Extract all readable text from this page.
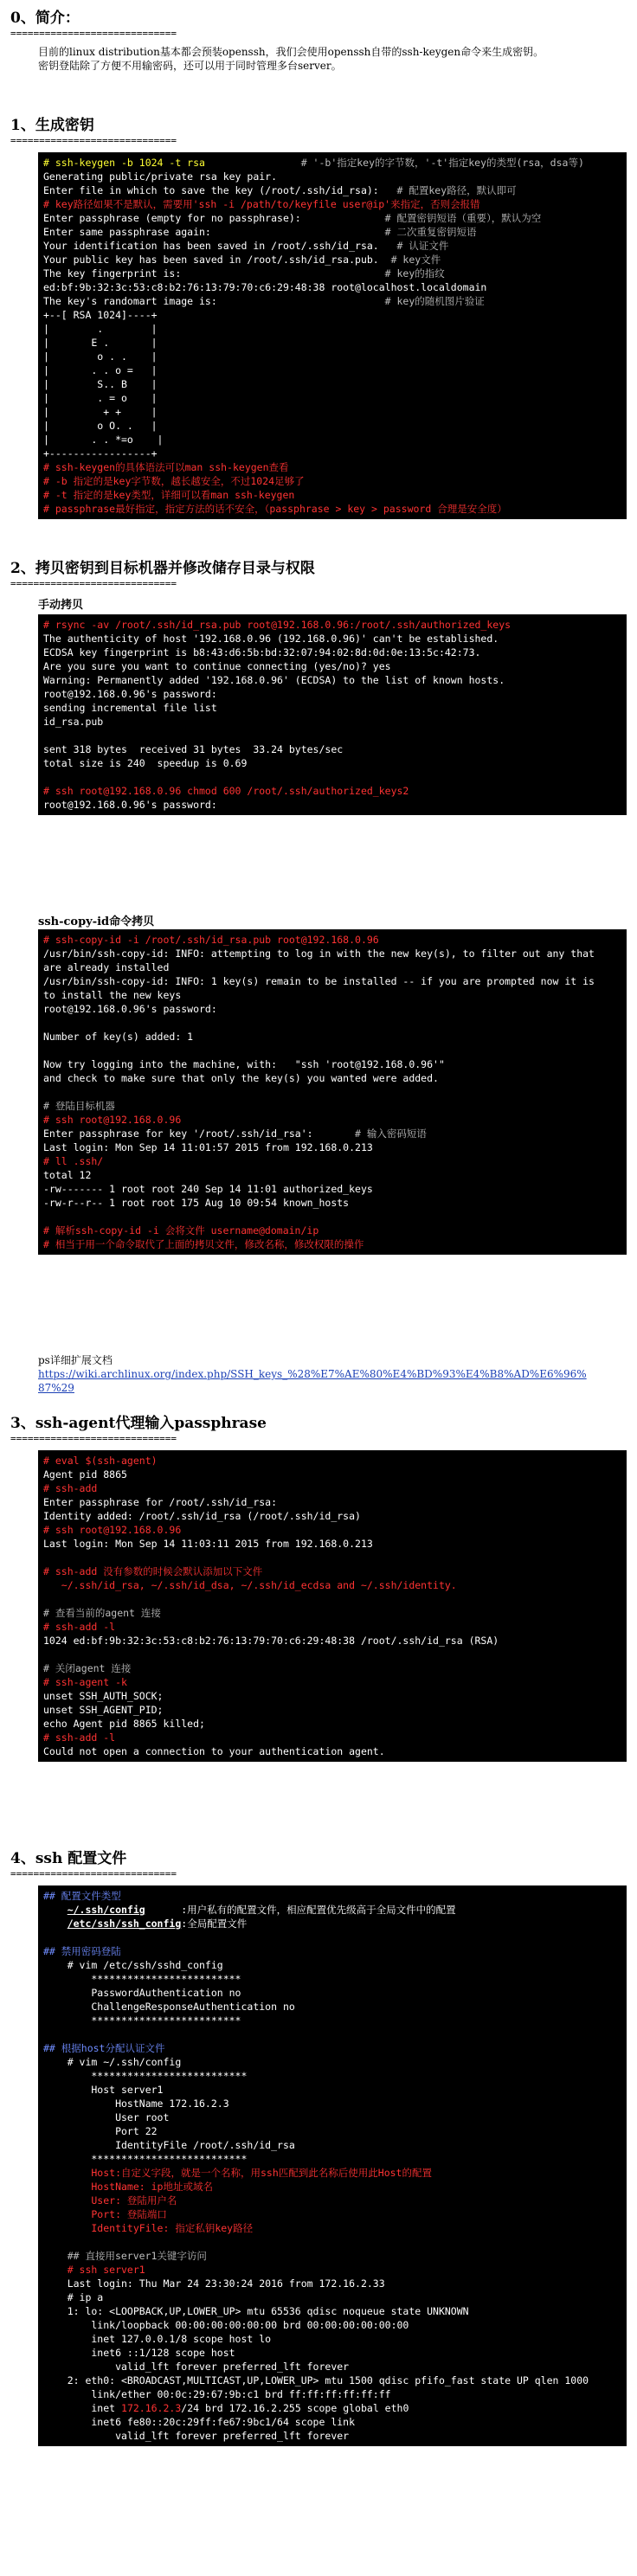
0、简介：
=============================
目前的linux distribution基本都会预装openssh，我们会使用openssh自带的ssh-keygen命令来生成密钥。
密钥登陆除了方便不用输密码，还可以用于同时管理多台server。
1、生成密钥
=============================
# ssh-keygen -b 1024 -t rsa                # '-b'指定key的字节数，'-t'指定key的类型(rsa，dsa等)
Generating public/private rsa key pair.
Enter file in which to save the key (/root/.ssh/id_rsa):   # 配置key路径，默认即可
# key路径如果不是默认，需要用'ssh -i /path/to/keyfile user@ip'来指定，否则会报错
Enter passphrase (empty for no passphrase):              # 配置密钥短语（重要），默认为空
Enter same passphrase again:                             # 二次重复密钥短语
Your identification has been saved in /root/.ssh/id_rsa.   # 认证文件
Your public key has been saved in /root/.ssh/id_rsa.pub.  # key文件
The key fingerprint is:                                  # key的指纹
ed:bf:9b:32:3c:53:c8:b2:76:13:79:70:c6:29:48:38 root@localhost.localdomain
The key's randomart image is:                            # key的随机图片验证
+--[ RSA 1024]----+
|        .        |
|       E .       |
|        o . .    |
|       . . o =   |
|        S.. B    |
|        . = o    |
|         + +     |
|        o O. .   |
|       . . *=o    |
+-----------------+
# ssh-keygen的具体语法可以man ssh-keygen查看
# -b 指定的是key字节数，越长越安全，不过1024足够了
# -t 指定的是key类型，详细可以看man ssh-keygen
# passphrase最好指定，指定方法的话不安全，（passphrase > key > password 合理是安全度）
2、拷贝密钥到目标机器并修改储存目录与权限
=============================
手动拷贝
# rsync -av /root/.ssh/id_rsa.pub root@192.168.0.96:/root/.ssh/authorized_keys
The authenticity of host '192.168.0.96 (192.168.0.96)' can't be established.
ECDSA key fingerprint is b8:43:d6:5b:bd:32:07:94:02:8d:0d:0e:13:5c:42:73.
Are you sure you want to continue connecting (yes/no)? yes
Warning: Permanently added '192.168.0.96' (ECDSA) to the list of known hosts.
root@192.168.0.96's password:
sending incremental file list
id_rsa.pub
sent 318 bytes  received 31 bytes  33.24 bytes/sec
total size is 240  speedup is 0.69
# ssh root@192.168.0.96 chmod 600 /root/.ssh/authorized_keys2
root@192.168.0.96's password:
ssh-copy-id命令拷贝
# ssh-copy-id -i /root/.ssh/id_rsa.pub root@192.168.0.96
/usr/bin/ssh-copy-id: INFO: attempting to log in with the new key(s), to filter out any that
are already installed
/usr/bin/ssh-copy-id: INFO: 1 key(s) remain to be installed -- if you are prompted now it is
to install the new keys
root@192.168.0.96's password:
Number of key(s) added: 1
Now try logging into the machine, with:   "ssh 'root@192.168.0.96'"
and check to make sure that only the key(s) you wanted were added.
# 登陆目标机器
# ssh root@192.168.0.96
Enter passphrase for key '/root/.ssh/id_rsa':       # 输入密码短语
Last login: Mon Sep 14 11:01:57 2015 from 192.168.0.213
# ll .ssh/
total 12
-rw------- 1 root root 240 Sep 14 11:01 authorized_keys
-rw-r--r-- 1 root root 175 Aug 10 09:54 known_hosts
# 解析ssh-copy-id -i 会将文件 username@domain/ip
# 相当于用一个命令取代了上面的拷贝文件，修改名称，修改权限的操作
ps详细扩展文档
https://wiki.archlinux.org/index.php/SSH_keys_%28%E7%AE%80%E4%BD%93%E4%B8%AD%E6%96%87%29
3、ssh-agent代理输入passphrase
=============================
# eval $(ssh-agent)
Agent pid 8865
# ssh-add
Enter passphrase for /root/.ssh/id_rsa:
Identity added: /root/.ssh/id_rsa (/root/.ssh/id_rsa)
# ssh root@192.168.0.96
Last login: Mon Sep 14 11:03:11 2015 from 192.168.0.213
# ssh-add 没有参数的时候会默认添加以下文件
~/.ssh/id_rsa, ~/.ssh/id_dsa, ~/.ssh/id_ecdsa and ~/.ssh/identity.
# 查看当前的agent 连接
# ssh-add -l
1024 ed:bf:9b:32:3c:53:c8:b2:76:13:79:70:c6:29:48:38 /root/.ssh/id_rsa (RSA)
# 关闭agent 连接
# ssh-agent -k
unset SSH_AUTH_SOCK;
unset SSH_AGENT_PID;
echo Agent pid 8865 killed;
# ssh-add -l
Could not open a connection to your authentication agent.
4、ssh 配置文件
=============================
## 配置文件类型
~/.ssh/config      :用户私有的配置文件，相应配置优先级高于全局文件中的配置
/etc/ssh/ssh_config:全局配置文件
## 禁用密码登陆
# vim /etc/ssh/sshd_config
*************************
PasswordAuthentication no
ChallengeResponseAuthentication no
*************************
## 根据host分配认证文件
# vim ~/.ssh/config
**************************
Host server1
HostName 172.16.2.3
User root
Port 22
IdentityFile /root/.ssh/id_rsa
**************************
Host:自定义字段，就是一个名称，用ssh匹配到此名称后使用此Host的配置
HostName: ip地址或域名
User: 登陆用户名
Port: 登陆端口
IdentityFile: 指定私钥key路径
## 直接用server1关键字访问
# ssh server1
Last login: Thu Mar 24 23:30:24 2016 from 172.16.2.33
# ip a
1: lo: <LOOPBACK,UP,LOWER_UP> mtu 65536 qdisc noqueue state UNKNOWN
link/loopback 00:00:00:00:00:00 brd 00:00:00:00:00:00
inet 127.0.0.1/8 scope host lo
inet6 ::1/128 scope host
valid_lft forever preferred_lft forever
2: eth0: <BROADCAST,MULTICAST,UP,LOWER_UP> mtu 1500 qdisc pfifo_fast state UP qlen 1000
link/ether 00:0c:29:67:9b:c1 brd ff:ff:ff:ff:ff:ff
inet 172.16.2.3/24 brd 172.16.2.255 scope global eth0
inet6 fe80::20c:29ff:fe67:9bc1/64 scope link
valid_lft forever preferred_lft forever
